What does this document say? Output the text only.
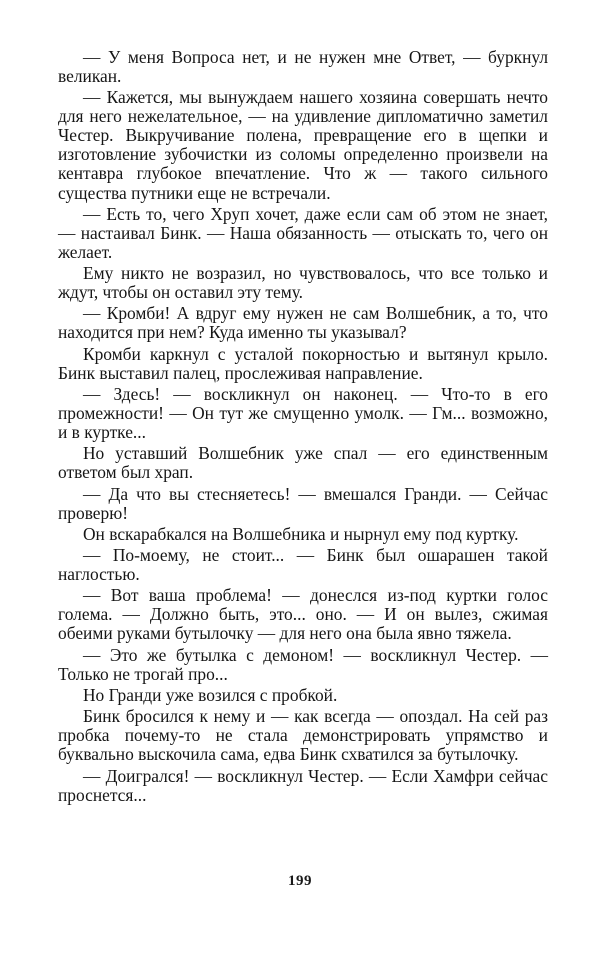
— У меня Вопроса нет, и не нужен мне Ответ, — буркнул великан.

— Кажется, мы вынуждаем нашего хозяина совершать нечто для него нежелательное, — на удивление дипломатично заметил Честер. Выкручивание полена, превращение его в щепки и изготовление зубочистки из соломы определенно произвели на кентавра глубокое впечатление. Что ж — такого сильного существа путники еще не встречали.

— Есть то, чего Хруп хочет, даже если сам об этом не знает, — настаивал Бинк. — Наша обязанность — отыскать то, чего он желает.

Ему никто не возразил, но чувствовалось, что все только и ждут, чтобы он оставил эту тему.

— Кромби! А вдруг ему нужен не сам Волшебник, а то, что находится при нем? Куда именно ты указывал?

Кромби каркнул с усталой покорностью и вытянул крыло. Бинк выставил палец, прослеживая направление.

— Здесь! — воскликнул он наконец. — Что-то в его промежности! — Он тут же смущенно умолк. — Гм... возможно, и в куртке...

Но уставший Волшебник уже спал — его единственным ответом был храп.

— Да что вы стесняетесь! — вмешался Гранди. — Сейчас проверю!

Он вскарабкался на Волшебника и нырнул ему под куртку.

— По-моему, не стоит... — Бинк был ошарашен такой наглостью.

— Вот ваша проблема! — донеслся из-под куртки голос голема. — Должно быть, это... оно. — И он вылез, сжимая обеими руками бутылочку — для него она была явно тяжела.

— Это же бутылка с демоном! — воскликнул Честер. — Только не трогай про...

Но Гранди уже возился с пробкой.

Бинк бросился к нему и — как всегда — опоздал. На сей раз пробка почему-то не стала демонстрировать упрямство и буквально выскочила сама, едва Бинк схватился за бутылочку.

— Доигрался! — воскликнул Честер. — Если Хамфри сейчас проснется...

199
